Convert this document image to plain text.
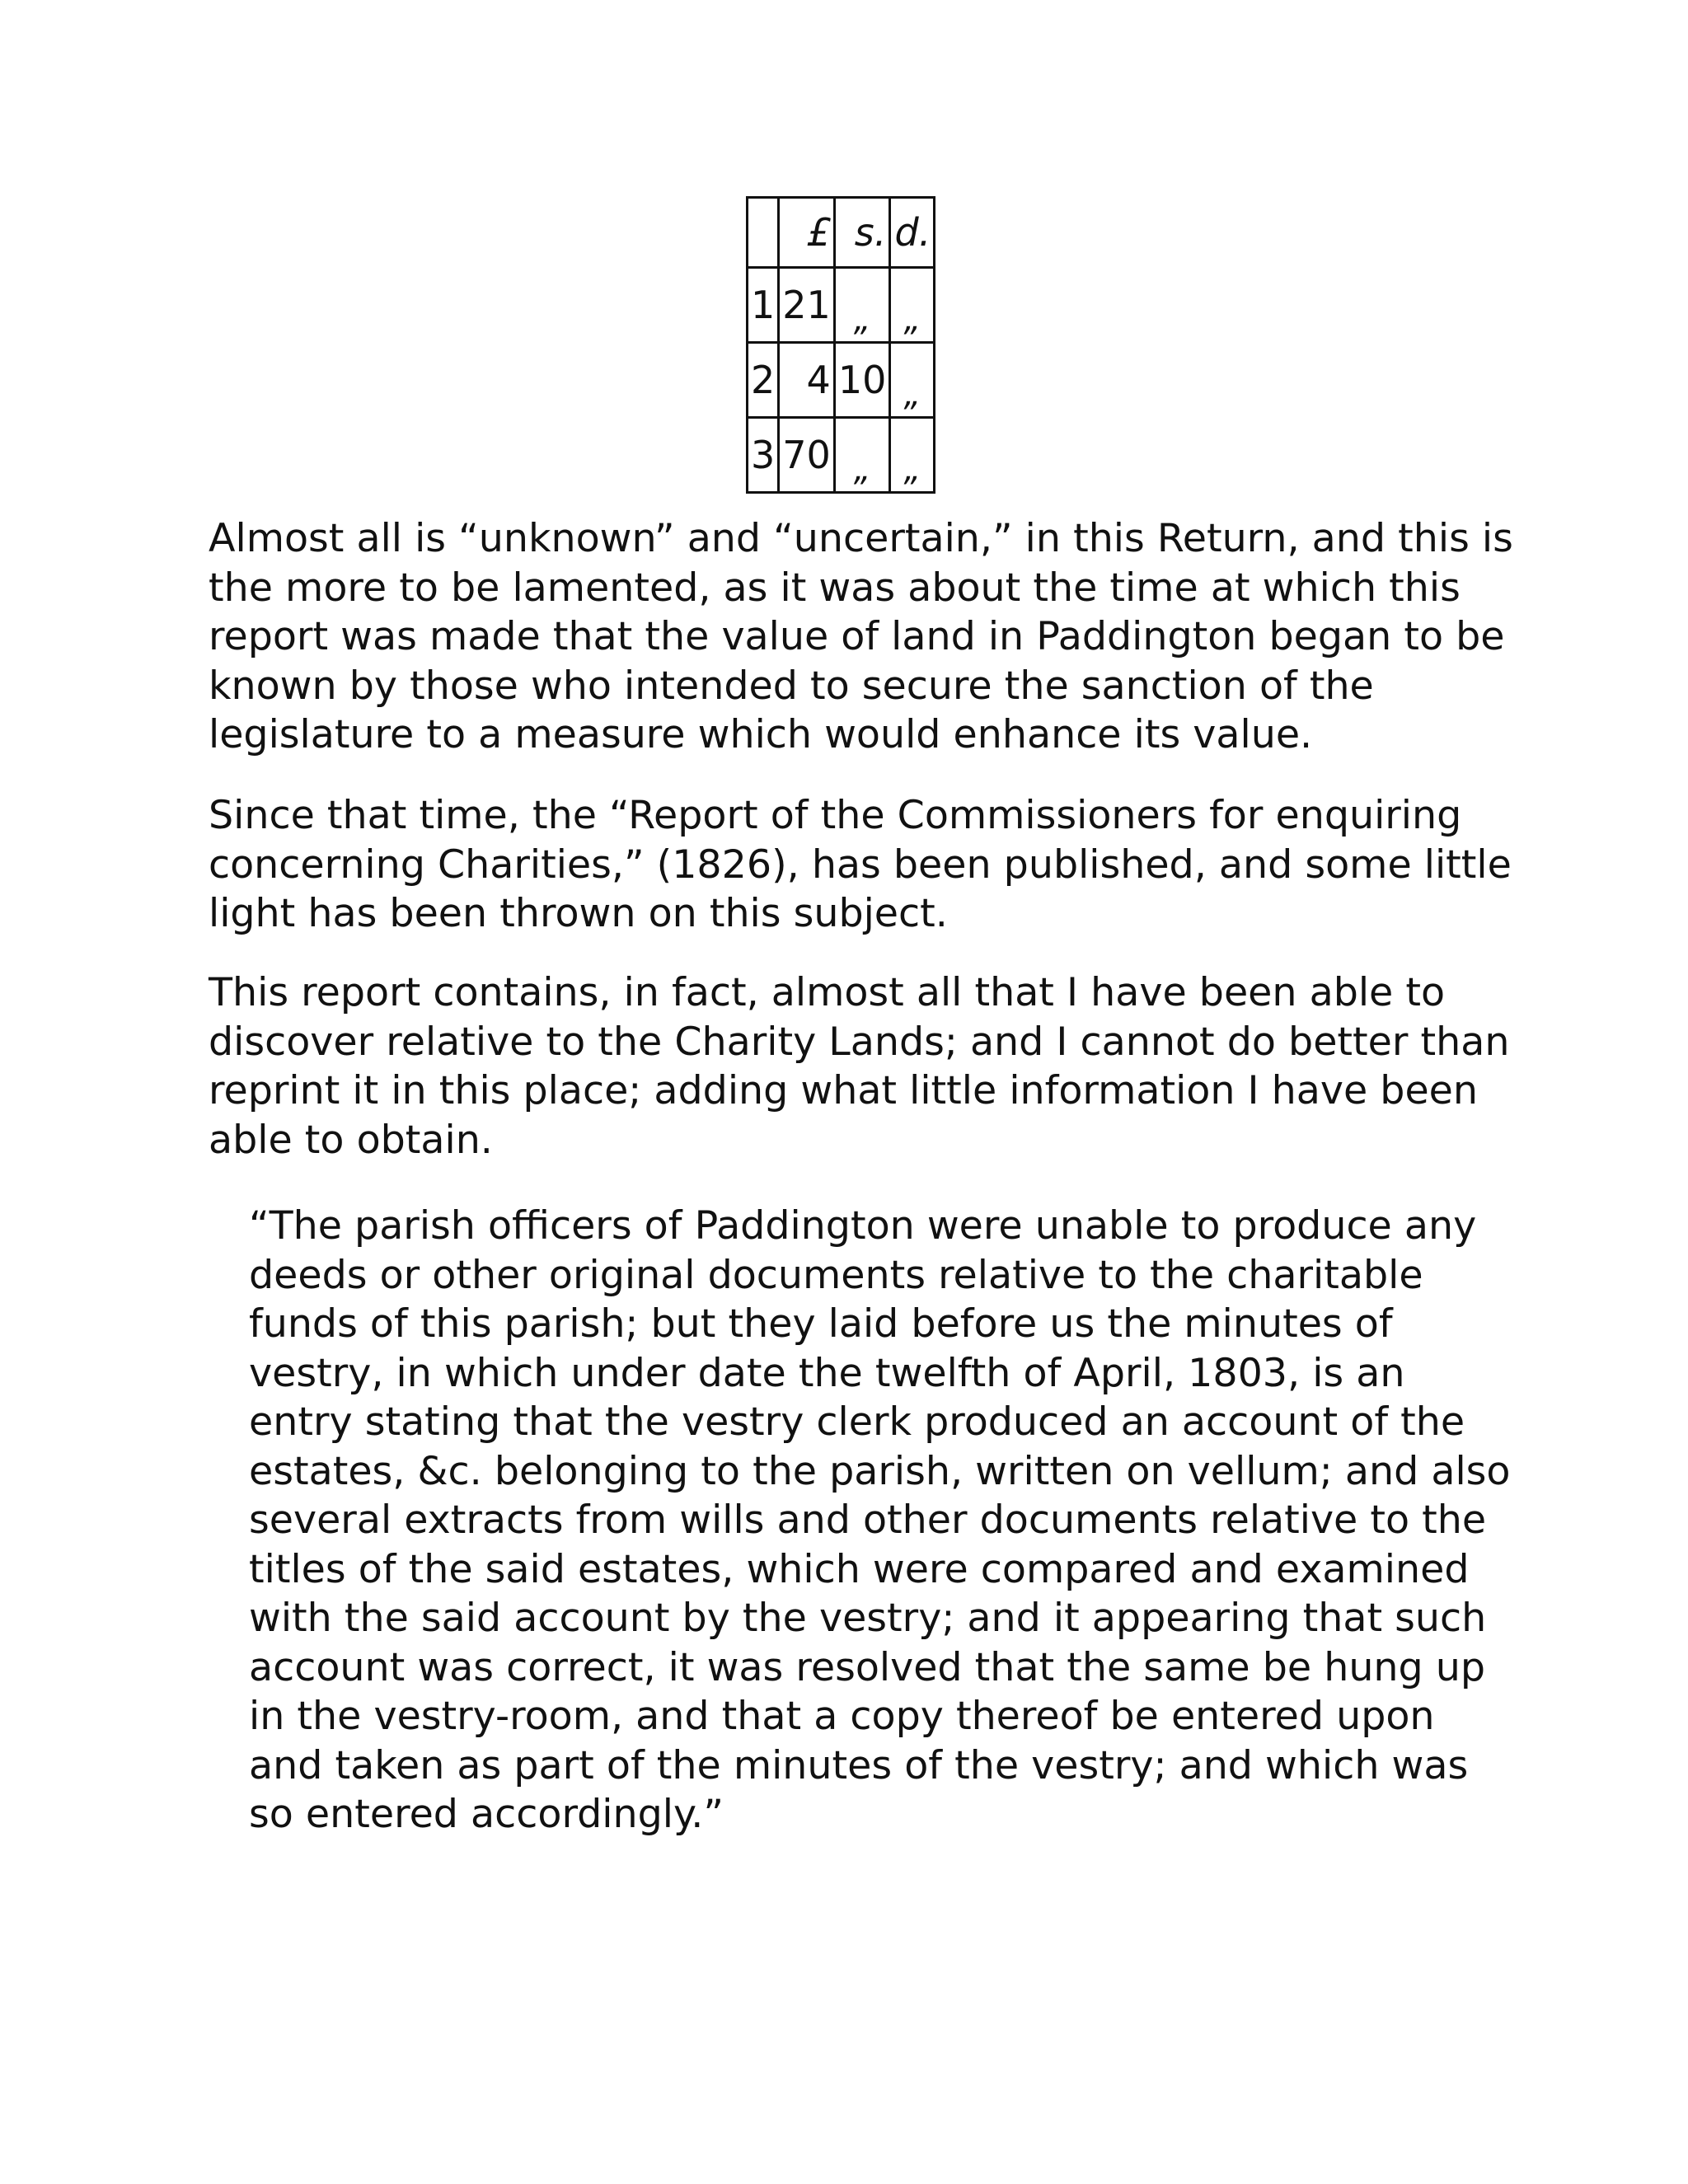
	£	s.	d.
1	21	„	„
2	4	10	„
3	70	„	„

Almost all is “unknown” and “uncertain,” in this Return, and this is
the more to be lamented, as it was about the time at which this
report was made that the value of land in Paddington began to be
known by those who intended to secure the sanction of the
legislature to a measure which would enhance its value.

Since that time, the “Report of the Commissioners for enquiring
concerning Charities,” (1826), has been published, and some little
light has been thrown on this subject.

This report contains, in fact, almost all that I have been able to
discover relative to the Charity Lands; and I cannot do better than
reprint it in this place; adding what little information I have been
able to obtain.

“The parish officers of Paddington were unable to produce any
deeds or other original documents relative to the charitable
funds of this parish; but they laid before us the minutes of
vestry, in which under date the twelfth of April, 1803, is an
entry stating that the vestry clerk produced an account of the
estates, &c. belonging to the parish, written on vellum; and also
several extracts from wills and other documents relative to the
titles of the said estates, which were compared and examined
with the said account by the vestry; and it appearing that such
account was correct, it was resolved that the same be hung up
in the vestry-room, and that a copy thereof be entered upon
and taken as part of the minutes of the vestry; and which was
so entered accordingly.”
